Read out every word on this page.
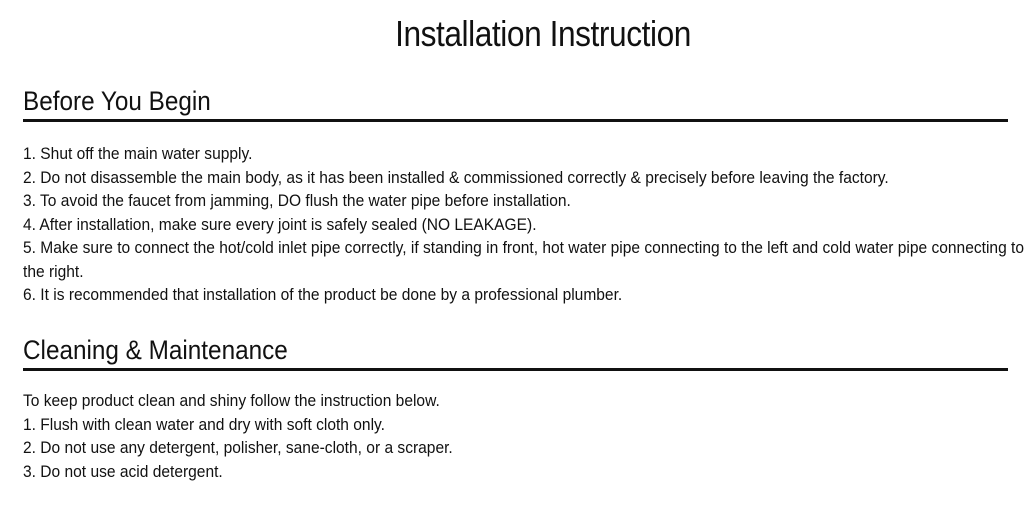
Installation Instruction
Before You Begin
1. Shut off the main water supply.
2. Do not disassemble the main body, as it has been installed & commissioned correctly & precisely before leaving the factory.
3. To avoid the faucet from jamming, DO flush the water pipe before installation.
4. After installation, make sure every joint is safely sealed (NO LEAKAGE).
5. Make sure to connect the hot/cold inlet pipe correctly, if standing in front, hot water pipe connecting to the left and cold water pipe connecting to the right.
6. It is recommended that installation of the product be done by a professional plumber.
Cleaning & Maintenance
To keep product clean and shiny follow the instruction below.
1. Flush with clean water and dry with soft cloth only.
2. Do not use any detergent, polisher, sane-cloth, or a scraper.
3. Do not use acid detergent.
